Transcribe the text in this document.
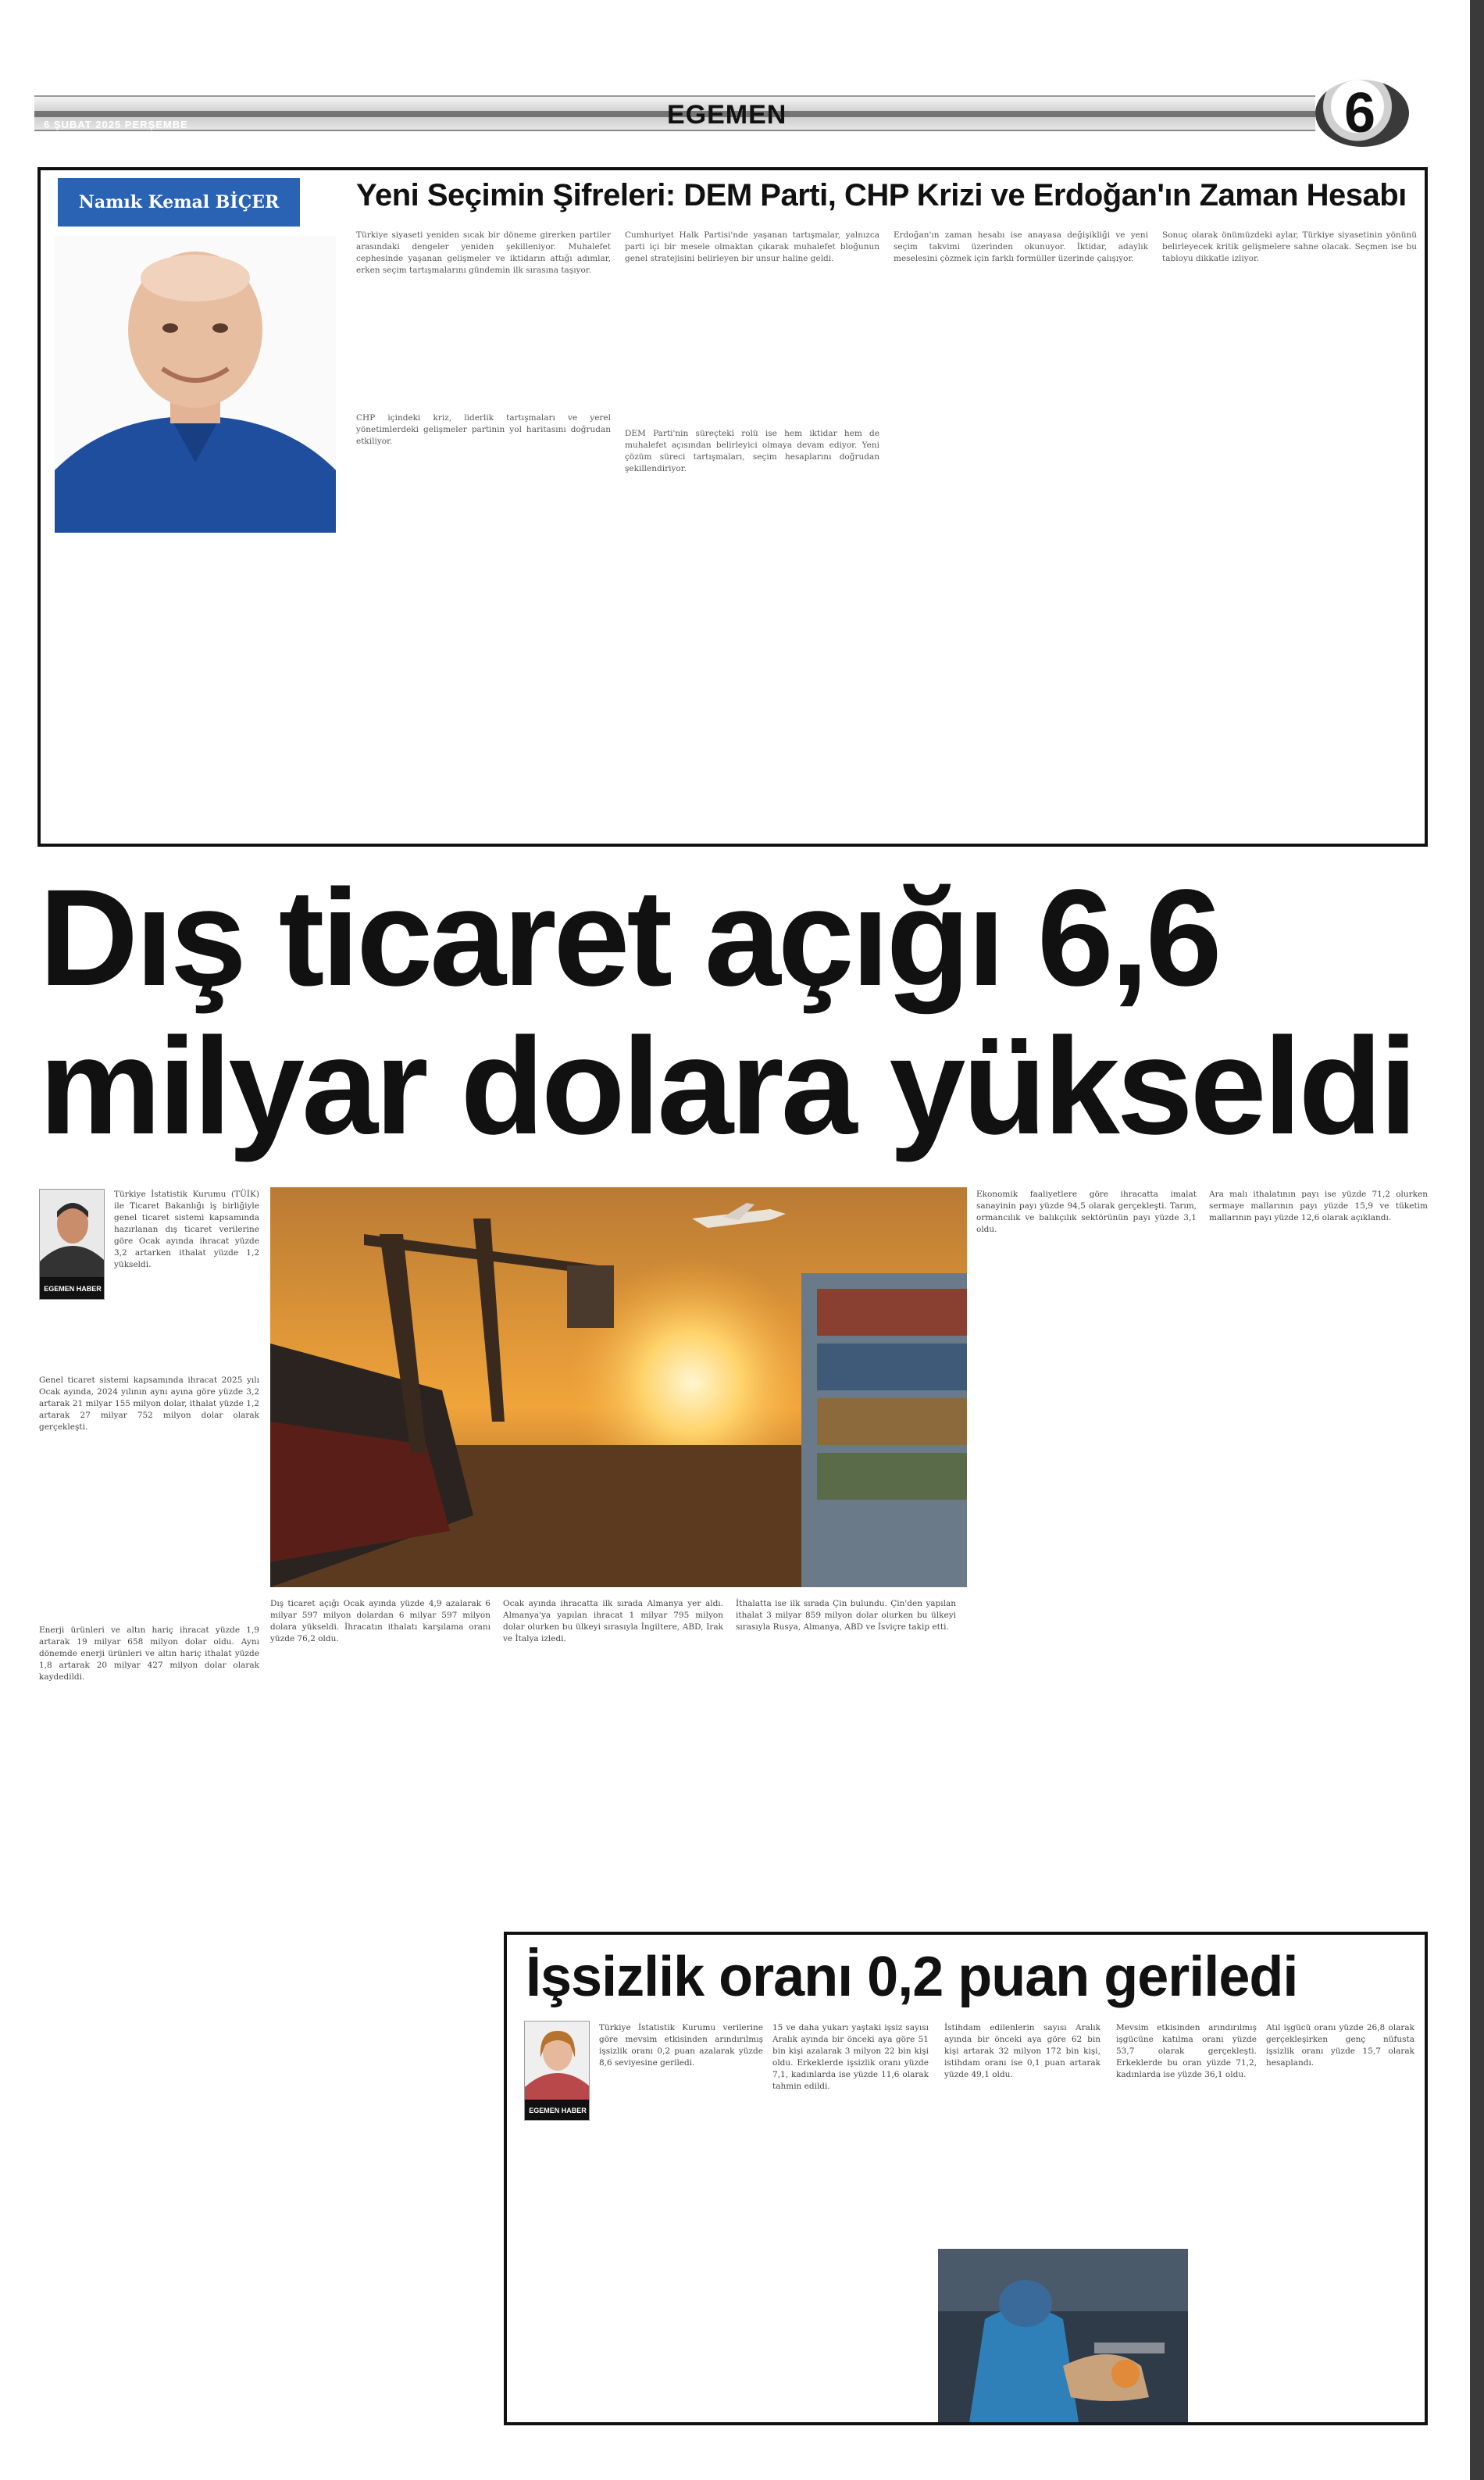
6 ŞUBAT 2025 PERŞEMBE	EGEMEN	6
Namık Kemal BİÇER	Yeni Seçimin Şifreleri: DEM Parti, CHP Krizi ve Erdoğan'ın Zaman Hesabı

Türkiye siyaseti yeniden sıcak bir döneme girerken partiler arasındaki dengeler yeniden şekilleniyor. Muhalefet cephesinde yaşanan gelişmeler ve iktidarın attığı adımlar, erken seçim tartışmalarını gündemin ilk sırasına taşıyor.

CHP içindeki kriz, liderlik tartışmaları ve yerel yönetimlerdeki gelişmeler partinin yol haritasını doğrudan etkiliyor.

Cumhuriyet Halk Partisi'nde yaşanan tartışmalar, yalnızca parti içi bir mesele olmaktan çıkarak muhalefet bloğunun genel stratejisini belirleyen bir unsur haline geldi.

DEM Parti'nin süreçteki rolü ise hem iktidar hem de muhalefet açısından belirleyici olmaya devam ediyor. Yeni çözüm süreci tartışmaları, seçim hesaplarını doğrudan şekillendiriyor.

Erdoğan'ın zaman hesabı ise anayasa değişikliği ve yeni seçim takvimi üzerinden okunuyor. İktidar, adaylık meselesini çözmek için farklı formüller üzerinde çalışıyor.

Sonuç olarak önümüzdeki aylar, Türkiye siyasetinin yönünü belirleyecek kritik gelişmelere sahne olacak. Seçmen ise bu tabloyu dikkatle izliyor.

Dış ticaret açığı 6,6
milyar dolara yükseldi
EGEMEN HABER

Türkiye İstatistik Kurumu (TÜİK) ile Ticaret Bakanlığı iş birliğiyle genel ticaret sistemi kapsamında hazırlanan dış ticaret verilerine göre Ocak ayında ihracat yüzde 3,2 artarken ithalat yüzde 1,2 yükseldi.

Genel ticaret sistemi kapsamında ihracat 2025 yılı Ocak ayında, 2024 yılının aynı ayına göre yüzde 3,2 artarak 21 milyar 155 milyon dolar, ithalat yüzde 1,2 artarak 27 milyar 752 milyon dolar olarak gerçekleşti.

Enerji ürünleri ve altın hariç ihracat yüzde 1,9 artarak 19 milyar 658 milyon dolar oldu. Aynı dönemde enerji ürünleri ve altın hariç ithalat yüzde 1,8 artarak 20 milyar 427 milyon dolar olarak kaydedildi.

Dış ticaret açığı Ocak ayında yüzde 4,9 azalarak 6 milyar 597 milyon dolardan 6 milyar 597 milyon dolara yükseldi. İhracatın ithalatı karşılama oranı yüzde 76,2 oldu.

Ocak ayında ihracatta ilk sırada Almanya yer aldı. Almanya'ya yapılan ihracat 1 milyar 795 milyon dolar olurken bu ülkeyi sırasıyla İngiltere, ABD, Irak ve İtalya izledi.

İthalatta ise ilk sırada Çin bulundu. Çin'den yapılan ithalat 3 milyar 859 milyon dolar olurken bu ülkeyi sırasıyla Rusya, Almanya, ABD ve İsviçre takip etti.

Ekonomik faaliyetlere göre ihracatta imalat sanayinin payı yüzde 94,5 olarak gerçekleşti. Tarım, ormancılık ve balıkçılık sektörünün payı yüzde 3,1 oldu.

Ara malı ithalatının payı ise yüzde 71,2 olurken sermaye mallarının payı yüzde 15,9 ve tüketim mallarının payı yüzde 12,6 olarak açıklandı.

İşsizlik oranı 0,2 puan geriledi
EGEMEN HABER

Türkiye İstatistik Kurumu verilerine göre mevsim etkisinden arındırılmış işsizlik oranı 0,2 puan azalarak yüzde 8,6 seviyesine geriledi.

15 ve daha yukarı yaştaki işsiz sayısı Aralık ayında bir önceki aya göre 51 bin kişi azalarak 3 milyon 22 bin kişi oldu. Erkeklerde işsizlik oranı yüzde 7,1, kadınlarda ise yüzde 11,6 olarak tahmin edildi.

İstihdam edilenlerin sayısı Aralık ayında bir önceki aya göre 62 bin kişi artarak 32 milyon 172 bin kişi, istihdam oranı ise 0,1 puan artarak yüzde 49,1 oldu.

Mevsim etkisinden arındırılmış işgücüne katılma oranı yüzde 53,7 olarak gerçekleşti. Erkeklerde bu oran yüzde 71,2, kadınlarda ise yüzde 36,1 oldu.

Atıl işgücü oranı yüzde 26,8 olarak gerçekleşirken genç nüfusta işsizlik oranı yüzde 15,7 olarak hesaplandı.
